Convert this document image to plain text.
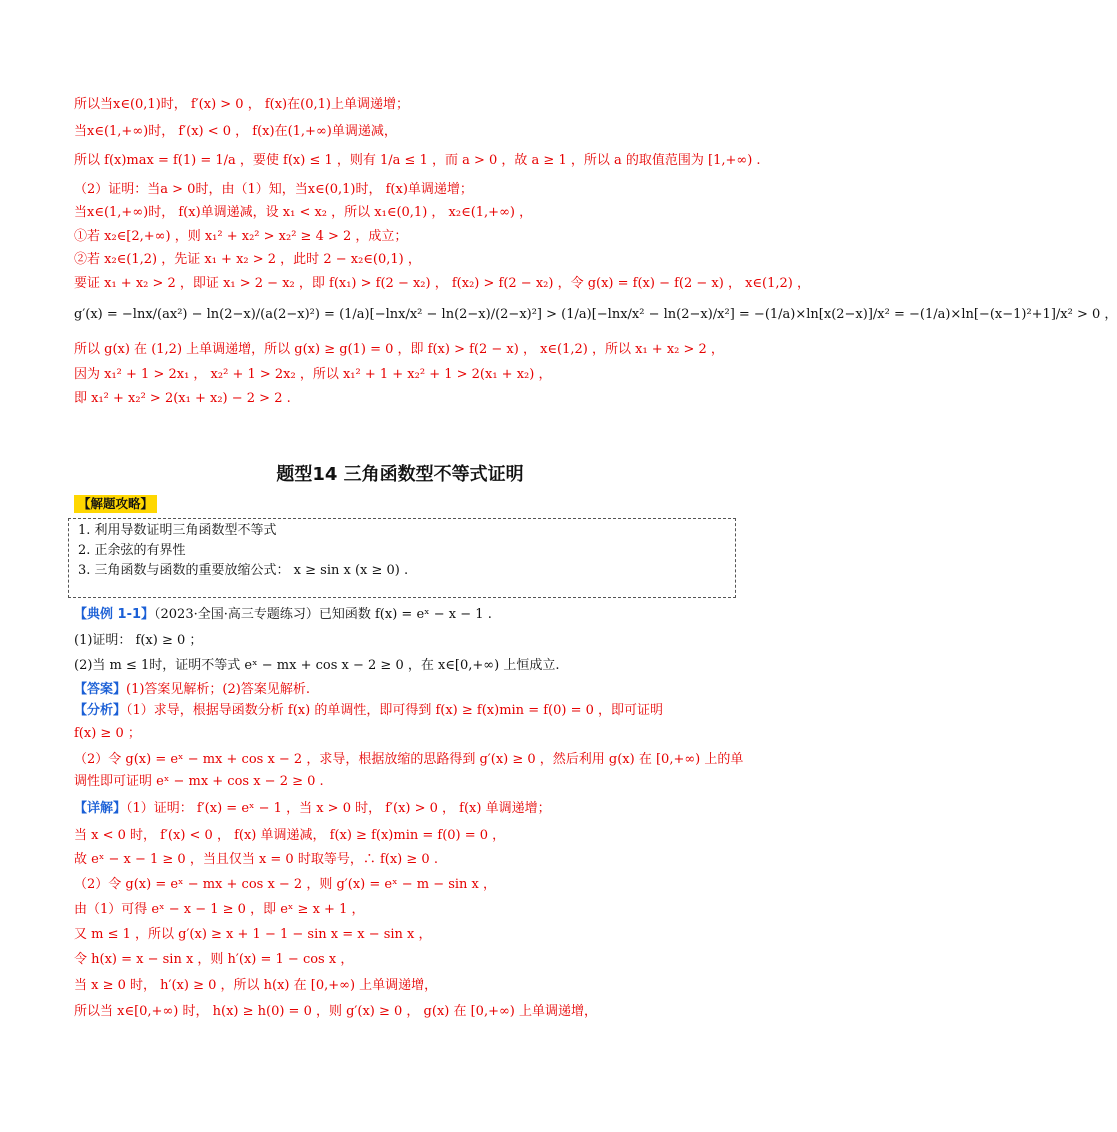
所以当x∈(0,1)时， f′(x) > 0 ， f(x)在(0,1)上单调递增；
当x∈(1,+∞)时， f′(x) < 0 ， f(x)在(1,+∞)单调递减，
所以 f(x)max = f(1) = 1/a ，要使 f(x) ≤ 1 ，则有 1/a ≤ 1 ，而 a > 0 ，故 a ≥ 1 ，所以 a 的取值范围为 [1,+∞) .
（2）证明：当a > 0时，由（1）知，当x∈(0,1)时， f(x)单调递增；
当x∈(1,+∞)时， f(x)单调递减，设 x₁ < x₂ ，所以 x₁∈(0,1) ， x₂∈(1,+∞) ，
①若 x₂∈[2,+∞) ，则 x₁² + x₂² > x₂² ≥ 4 > 2 ，成立；
②若 x₂∈(1,2) ，先证 x₁ + x₂ > 2 ，此时 2 − x₂∈(0,1) ，
要证 x₁ + x₂ > 2 ，即证 x₁ > 2 − x₂ ，即 f(x₁) > f(2 − x₂) ， f(x₂) > f(2 − x₂) ，令 g(x) = f(x) − f(2 − x) ， x∈(1,2) ，
g′(x) = −lnx/(ax²) − ln(2−x)/(a(2−x)²) = (1/a)[−lnx/x² − ln(2−x)/(2−x)²] > (1/a)[−lnx/x² − ln(2−x)/x²] = −(1/a)×ln[x(2−x)]/x² = −(1/a)×ln[−(x−1)²+1]/x² > 0 ，
所以 g(x) 在 (1,2) 上单调递增，所以 g(x) ≥ g(1) = 0 ，即 f(x) > f(2 − x) ， x∈(1,2) ，所以 x₁ + x₂ > 2 ，
因为 x₁² + 1 > 2x₁ ， x₂² + 1 > 2x₂ ，所以 x₁² + 1 + x₂² + 1 > 2(x₁ + x₂) ，
即 x₁² + x₂² > 2(x₁ + x₂) − 2 > 2 .
题型14 三角函数型不等式证明
【解题攻略】
1. 利用导数证明三角函数型不等式
2. 正余弦的有界性
3. 三角函数与函数的重要放缩公式： x ≥ sin x (x ≥ 0) .
【典例 1-1】（2023·全国·高三专题练习）已知函数 f(x) = eˣ − x − 1 .
(1)证明： f(x) ≥ 0 ；
(2)当 m ≤ 1时，证明不等式 eˣ − mx + cos x − 2 ≥ 0 ，在 x∈[0,+∞) 上恒成立.
【答案】(1)答案见解析；(2)答案见解析.
【分析】（1）求导，根据导函数分析 f(x) 的单调性，即可得到 f(x) ≥ f(x)min = f(0) = 0 ，即可证明
f(x) ≥ 0 ；
（2）令 g(x) = eˣ − mx + cos x − 2 ，求导，根据放缩的思路得到 g′(x) ≥ 0 ，然后利用 g(x) 在 [0,+∞) 上的单
调性即可证明 eˣ − mx + cos x − 2 ≥ 0 .
【详解】（1）证明： f′(x) = eˣ − 1 ，当 x > 0 时， f′(x) > 0 ， f(x) 单调递增；
当 x < 0 时， f′(x) < 0 ， f(x) 单调递减， f(x) ≥ f(x)min = f(0) = 0 ，
故 eˣ − x − 1 ≥ 0 ，当且仅当 x = 0 时取等号，∴ f(x) ≥ 0 .
（2）令 g(x) = eˣ − mx + cos x − 2 ，则 g′(x) = eˣ − m − sin x ，
由（1）可得 eˣ − x − 1 ≥ 0 ，即 eˣ ≥ x + 1 ，
又 m ≤ 1 ，所以 g′(x) ≥ x + 1 − 1 − sin x = x − sin x ，
令 h(x) = x − sin x ，则 h′(x) = 1 − cos x ，
当 x ≥ 0 时， h′(x) ≥ 0 ，所以 h(x) 在 [0,+∞) 上单调递增，
所以当 x∈[0,+∞) 时， h(x) ≥ h(0) = 0 ，则 g′(x) ≥ 0 ， g(x) 在 [0,+∞) 上单调递增，
